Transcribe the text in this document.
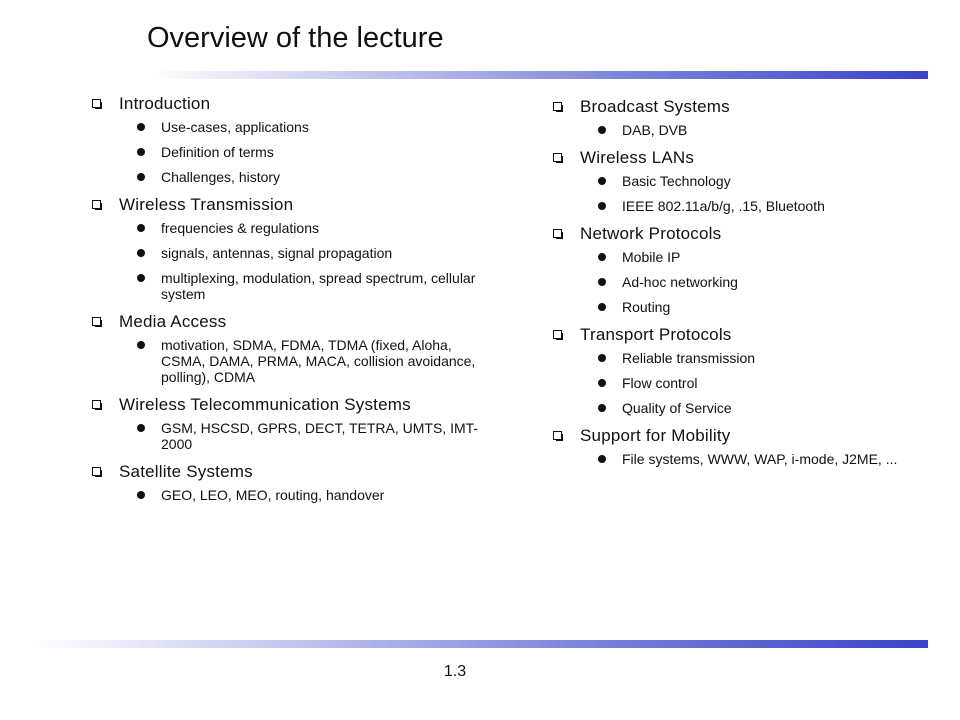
Overview of the lecture
Introduction
Use-cases, applications
Definition of terms
Challenges, history
Wireless Transmission
frequencies & regulations
signals, antennas, signal propagation
multiplexing, modulation, spread spectrum, cellular system
Media Access
motivation, SDMA, FDMA, TDMA (fixed, Aloha, CSMA, DAMA, PRMA, MACA, collision avoidance, polling), CDMA
Wireless Telecommunication Systems
GSM, HSCSD, GPRS, DECT, TETRA, UMTS, IMT-2000
Satellite Systems
GEO, LEO, MEO, routing, handover
Broadcast Systems
DAB, DVB
Wireless LANs
Basic Technology
IEEE 802.11a/b/g, .15, Bluetooth
Network Protocols
Mobile IP
Ad-hoc networking
Routing
Transport Protocols
Reliable transmission
Flow control
Quality of Service
Support for Mobility
File systems, WWW, WAP, i-mode, J2ME, ...
1.3
